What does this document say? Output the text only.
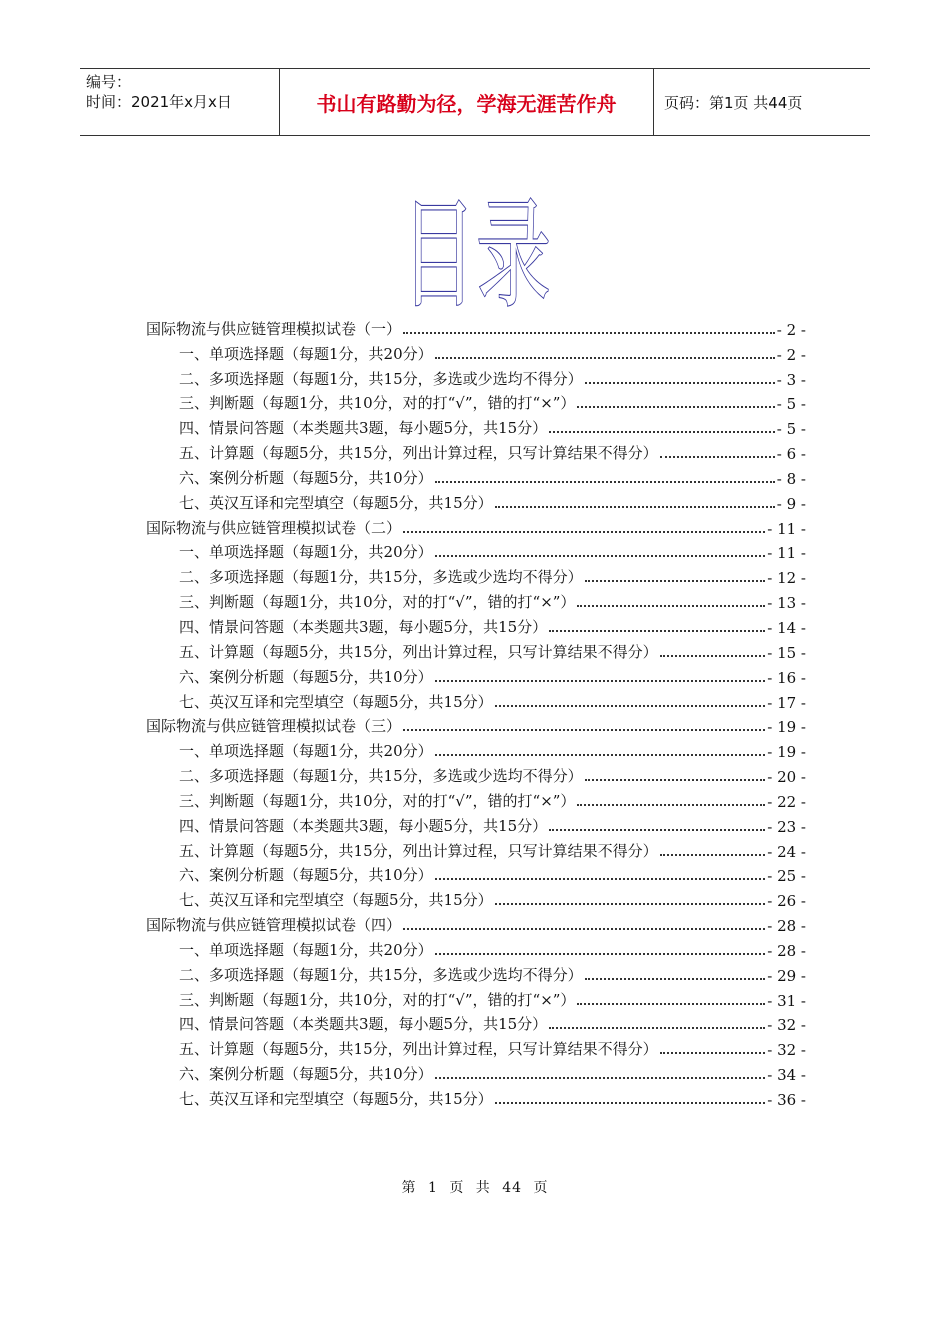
编号：
时间：2021年x月x日	书山有路勤为径，学海无涯苦作舟	页码：第1页 共44页
目录
国际物流与供应链管理模拟试卷（一）	- 2 -
一、单项选择题（每题1分，共20分）	- 2 -
二、多项选择题（每题1分，共15分，多选或少选均不得分）	- 3 -
三、判断题（每题1分，共10分，对的打“√”，错的打“×”）	- 5 -
四、情景问答题（本类题共3题，每小题5分，共15分）	- 5 -
五、计算题（每题5分，共15分，列出计算过程，只写计算结果不得分）	- 6 -
六、案例分析题（每题5分，共10分）	- 8 -
七、英汉互译和完型填空（每题5分，共15分）	- 9 -
国际物流与供应链管理模拟试卷（二）	- 11 -
一、单项选择题（每题1分，共20分）	- 11 -
二、多项选择题（每题1分，共15分，多选或少选均不得分）	- 12 -
三、判断题（每题1分，共10分，对的打“√”，错的打“×”）	- 13 -
四、情景问答题（本类题共3题，每小题5分，共15分）	- 14 -
五、计算题（每题5分，共15分，列出计算过程，只写计算结果不得分）	- 15 -
六、案例分析题（每题5分，共10分）	- 16 -
七、英汉互译和完型填空（每题5分，共15分）	- 17 -
国际物流与供应链管理模拟试卷（三）	- 19 -
一、单项选择题（每题1分，共20分）	- 19 -
二、多项选择题（每题1分，共15分，多选或少选均不得分）	- 20 -
三、判断题（每题1分，共10分，对的打“√”，错的打“×”）	- 22 -
四、情景问答题（本类题共3题，每小题5分，共15分）	- 23 -
五、计算题（每题5分，共15分，列出计算过程，只写计算结果不得分）	- 24 -
六、案例分析题（每题5分，共10分）	- 25 -
七、英汉互译和完型填空（每题5分，共15分）	- 26 -
国际物流与供应链管理模拟试卷（四）	- 28 -
一、单项选择题（每题1分，共20分）	- 28 -
二、多项选择题（每题1分，共15分，多选或少选均不得分）	- 29 -
三、判断题（每题1分，共10分，对的打“√”，错的打“×”）	- 31 -
四、情景问答题（本类题共3题，每小题5分，共15分）	- 32 -
五、计算题（每题5分，共15分，列出计算过程，只写计算结果不得分）	- 32 -
六、案例分析题（每题5分，共10分）	- 34 -
七、英汉互译和完型填空（每题5分，共15分）	- 36 -
第 1 页 共 44 页
